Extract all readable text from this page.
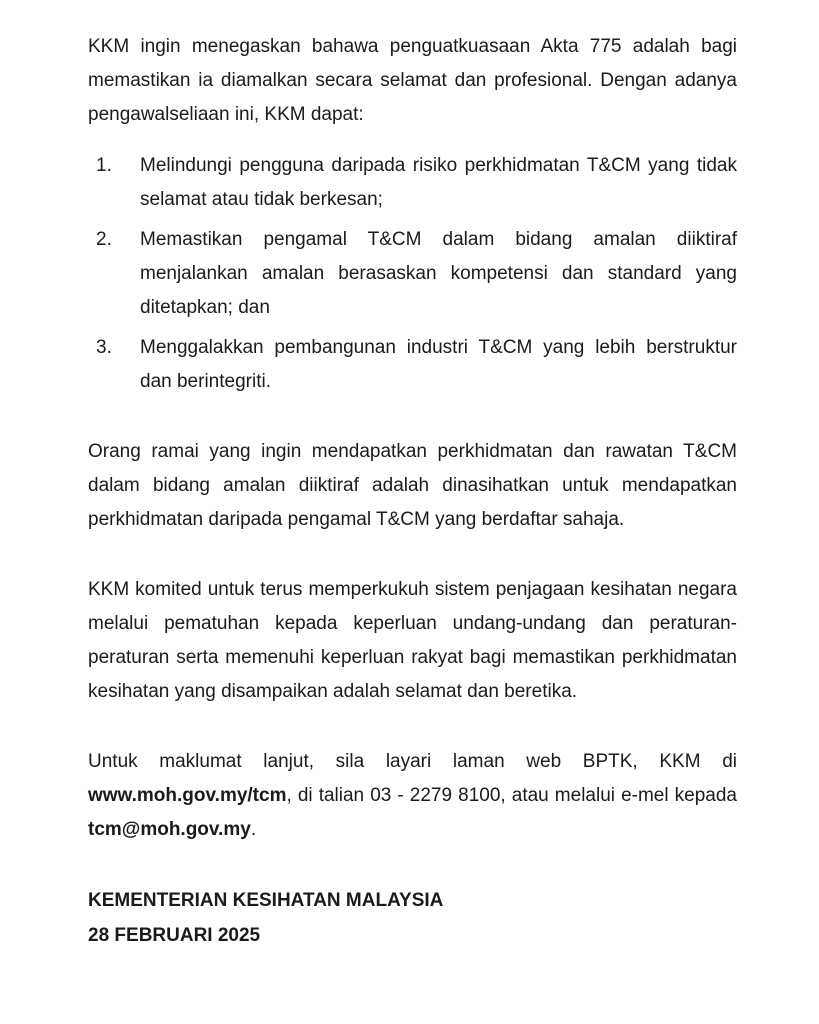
KKM ingin menegaskan bahawa penguatkuasaan Akta 775 adalah bagi memastikan ia diamalkan secara selamat dan profesional. Dengan adanya pengawalseliaan ini, KKM dapat:

1.	Melindungi pengguna daripada risiko perkhidmatan T&CM yang tidak selamat atau tidak berkesan;
2.	Memastikan pengamal T&CM dalam bidang amalan diiktiraf menjalankan amalan berasaskan kompetensi dan standard yang ditetapkan; dan
3.	Menggalakkan pembangunan industri T&CM yang lebih berstruktur dan berintegriti.

Orang ramai yang ingin mendapatkan perkhidmatan dan rawatan T&CM dalam bidang amalan diiktiraf adalah dinasihatkan untuk mendapatkan perkhidmatan daripada pengamal T&CM yang berdaftar sahaja.

KKM komited untuk terus memperkukuh sistem penjagaan kesihatan negara melalui pematuhan kepada keperluan undang-undang dan peraturan-peraturan serta memenuhi keperluan rakyat bagi memastikan perkhidmatan kesihatan yang disampaikan adalah selamat dan beretika.

Untuk maklumat lanjut, sila layari laman web BPTK, KKM di www.moh.gov.my/tcm, di talian 03 - 2279 8100, atau melalui e-mel kepada tcm@moh.gov.my.

KEMENTERIAN KESIHATAN MALAYSIA
28 FEBRUARI 2025
